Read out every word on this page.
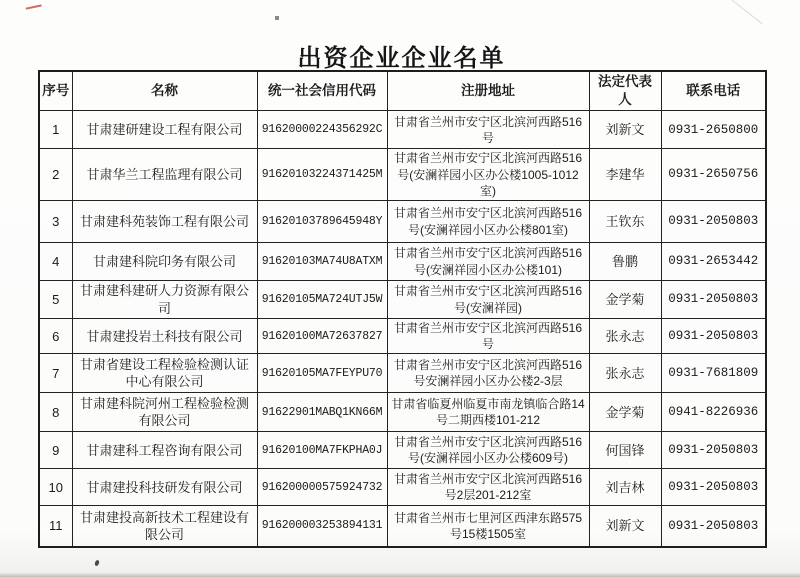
出资企业企业名单
序号	名称	统一社会信用代码	注册地址	法定代表人	联系电话
1	甘肃建研建设工程有限公司	91620000224356292C	甘肃省兰州市安宁区北滨河西路516号	刘新文	0931-2650800
2	甘肃华兰工程监理有限公司	91620103224371425M	甘肃省兰州市安宁区北滨河西路516号(安澜祥园小区办公楼1005-1012室)	李建华	0931-2650756
3	甘肃建科苑装饰工程有限公司	91620103789645948Y	甘肃省兰州市安宁区北滨河西路516号(安澜祥园小区办公楼801室)	王钦东	0931-2050803
4	甘肃建科院印务有限公司	91620103MA74U8ATXM	甘肃省兰州市安宁区北滨河西路516号(安澜祥园小区办公楼101)	鲁鹏	0931-2653442
5	甘肃建科建研人力资源有限公司	91620105MA724UTJ5W	甘肃省兰州市安宁区北滨河西路516号(安澜祥园)	金学菊	0931-2050803
6	甘肃建投岩土科技有限公司	91620100MA72637827	甘肃省兰州市安宁区北滨河西路516号	张永志	0931-2050803
7	甘肃省建设工程检验检测认证中心有限公司	91620105MA7FEYPU70	甘肃省兰州市安宁区北滨河西路516号安澜祥园小区办公楼2-3层	张永志	0931-7681809
8	甘肃建科院河州工程检验检测有限公司	91622901MABQ1KN66M	甘肃省临夏州临夏市南龙镇临合路14号二期西楼101-212	金学菊	0941-8226936
9	甘肃建科工程咨询有限公司	91620100MA7FKPHA0J	甘肃省兰州市安宁区北滨河西路516号(安澜祥园小区办公楼609号)	何国锋	0931-2050803
10	甘肃建投科技研发有限公司	916200000575924732	甘肃省兰州市安宁区北滨河西路516号2层201-212室	刘吉林	0931-2050803
11	甘肃建投高新技术工程建设有限公司	916200003253894131	甘肃省兰州市七里河区西津东路575号15楼1505室	刘新文	0931-2050803
